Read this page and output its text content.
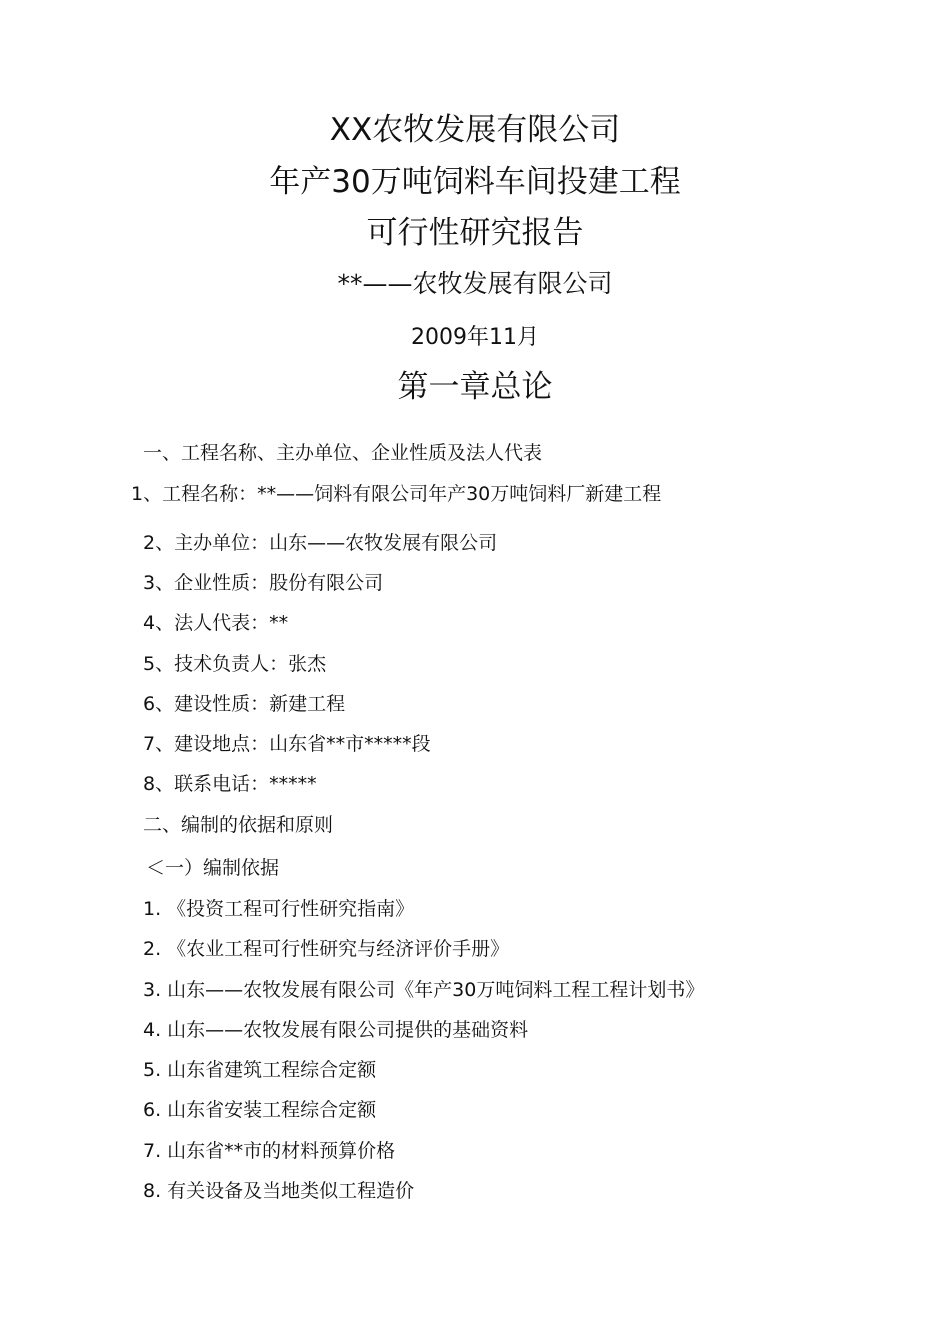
XX农牧发展有限公司
年产30万吨饲料车间投建工程
可行性研究报告
**——农牧发展有限公司
2009年11月
第一章总论
一、工程名称、主办单位、企业性质及法人代表
1、工程名称：**——饲料有限公司年产30万吨饲料厂新建工程
2、主办单位：山东——农牧发展有限公司
3、企业性质：股份有限公司
4、法人代表：**
5、技术负责人：张杰
6、建设性质：新建工程
7、建设地点：山东省**市*****段
8、联系电话：*****
二、编制的依据和原则
＜一）编制依据
1. 《投资工程可行性研究指南》
2. 《农业工程可行性研究与经济评价手册》
3. 山东——农牧发展有限公司《年产30万吨饲料工程工程计划书》
4. 山东——农牧发展有限公司提供的基础资料
5. 山东省建筑工程综合定额
6. 山东省安装工程综合定额
7. 山东省**市的材料预算价格
8. 有关设备及当地类似工程造价
